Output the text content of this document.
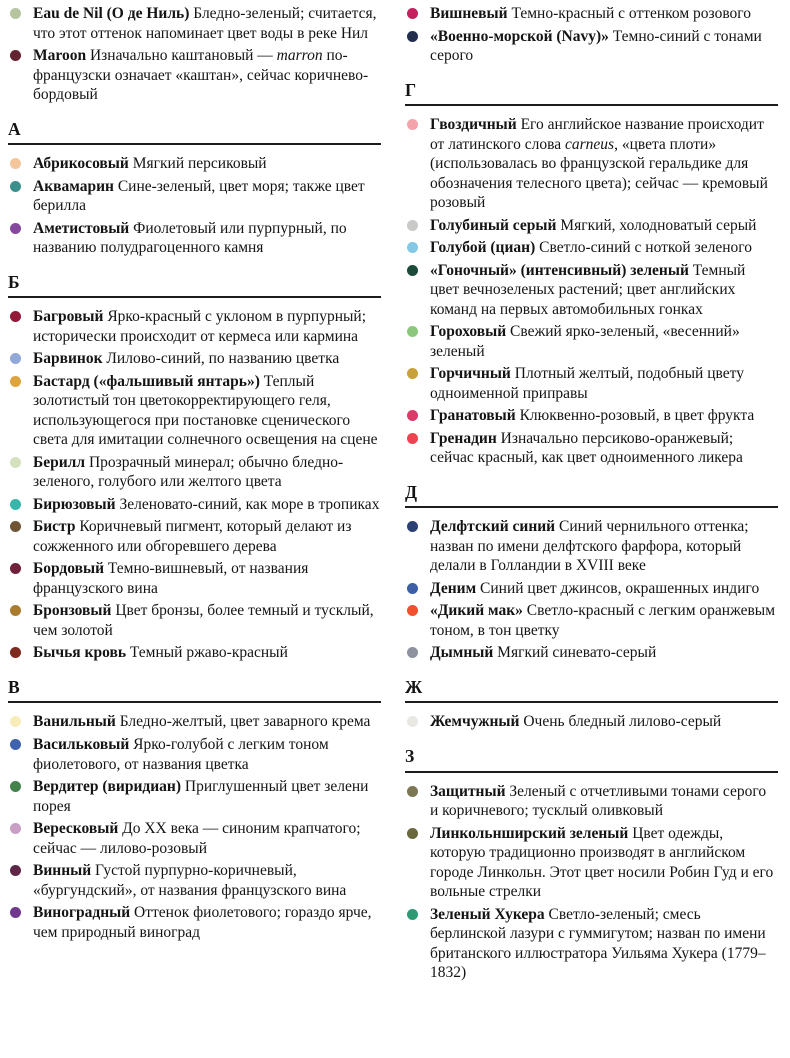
Eau de Nil (О де Ниль) Бледно-зеленый; считается, что этот оттенок напоминает цвет воды в реке Нил
Maroon Изначально каштановый — marron по-французски означает «каштан», сейчас коричнево-бордовый
А
Абрикосовый Мягкий персиковый
Аквамарин Сине-зеленый, цвет моря; также цвет берилла
Аметистовый Фиолетовый или пурпурный, по названию полудрагоценного камня
Б
Багровый Ярко-красный с уклоном в пурпурный; исторически происходит от кермеса или кармина
Барвинок Лилово-синий, по названию цветка
Бастард («фальшивый янтарь») Теплый золотистый тон цветокорректирующего геля, использующегося при постановке сценического света для имитации солнечного освещения на сцене
Берилл Прозрачный минерал; обычно бледно-зеленого, голубого или желтого цвета
Бирюзовый Зеленовато-синий, как море в тропиках
Бистр Коричневый пигмент, который делают из сожженного или обгоревшего дерева
Бордовый Темно-вишневый, от названия французского вина
Бронзовый Цвет бронзы, более темный и тусклый, чем золотой
Бычья кровь Темный ржаво-красный
В
Ванильный Бледно-желтый, цвет заварного крема
Васильковый Ярко-голубой с легким тоном фиолетового, от названия цветка
Вердитер (виридиан) Приглушенный цвет зелени порея
Вересковый До XX века — синоним крапчатого; сейчас — лилово-розовый
Винный Густой пурпурно-коричневый, «бургундский», от названия французского вина
Виноградный Оттенок фиолетового; гораздо ярче, чем природный виноград
Вишневый Темно-красный с оттенком розового
«Военно-морской (Navy)» Темно-синий с тонами серого
Г
Гвоздичный Его английское название происходит от латинского слова carneus, «цвета плоти» (использовалась во французской геральдике для обозначения телесного цвета); сейчас — кремовый розовый
Голубиный серый Мягкий, холодноватый серый
Голубой (циан) Светло-синий с ноткой зеленого
«Гоночный» (интенсивный) зеленый Темный цвет вечнозеленых растений; цвет английских команд на первых автомобильных гонках
Гороховый Свежий ярко-зеленый, «весенний» зеленый
Горчичный Плотный желтый, подобный цвету одноименной приправы
Гранатовый Клюквенно-розовый, в цвет фрукта
Гренадин Изначально персиково-оранжевый; сейчас красный, как цвет одноименного ликера
Д
Делфтский синий Синий чернильного оттенка; назван по имени делфтского фарфора, который делали в Голландии в XVIII веке
Деним Синий цвет джинсов, окрашенных индиго
«Дикий мак» Светло-красный с легким оранжевым тоном, в тон цветку
Дымный Мягкий синевато-серый
Ж
Жемчужный Очень бледный лилово-серый
З
Защитный Зеленый с отчетливыми тонами серого и коричневого; тусклый оливковый
Линкольнширский зеленый Цвет одежды, которую традиционно производят в английском городе Линкольн. Этот цвет носили Робин Гуд и его вольные стрелки
Зеленый Хукера Светло-зеленый; смесь берлинской лазури с гуммигутом; назван по имени британского иллюстратора Уильяма Хукера (1779–1832)
